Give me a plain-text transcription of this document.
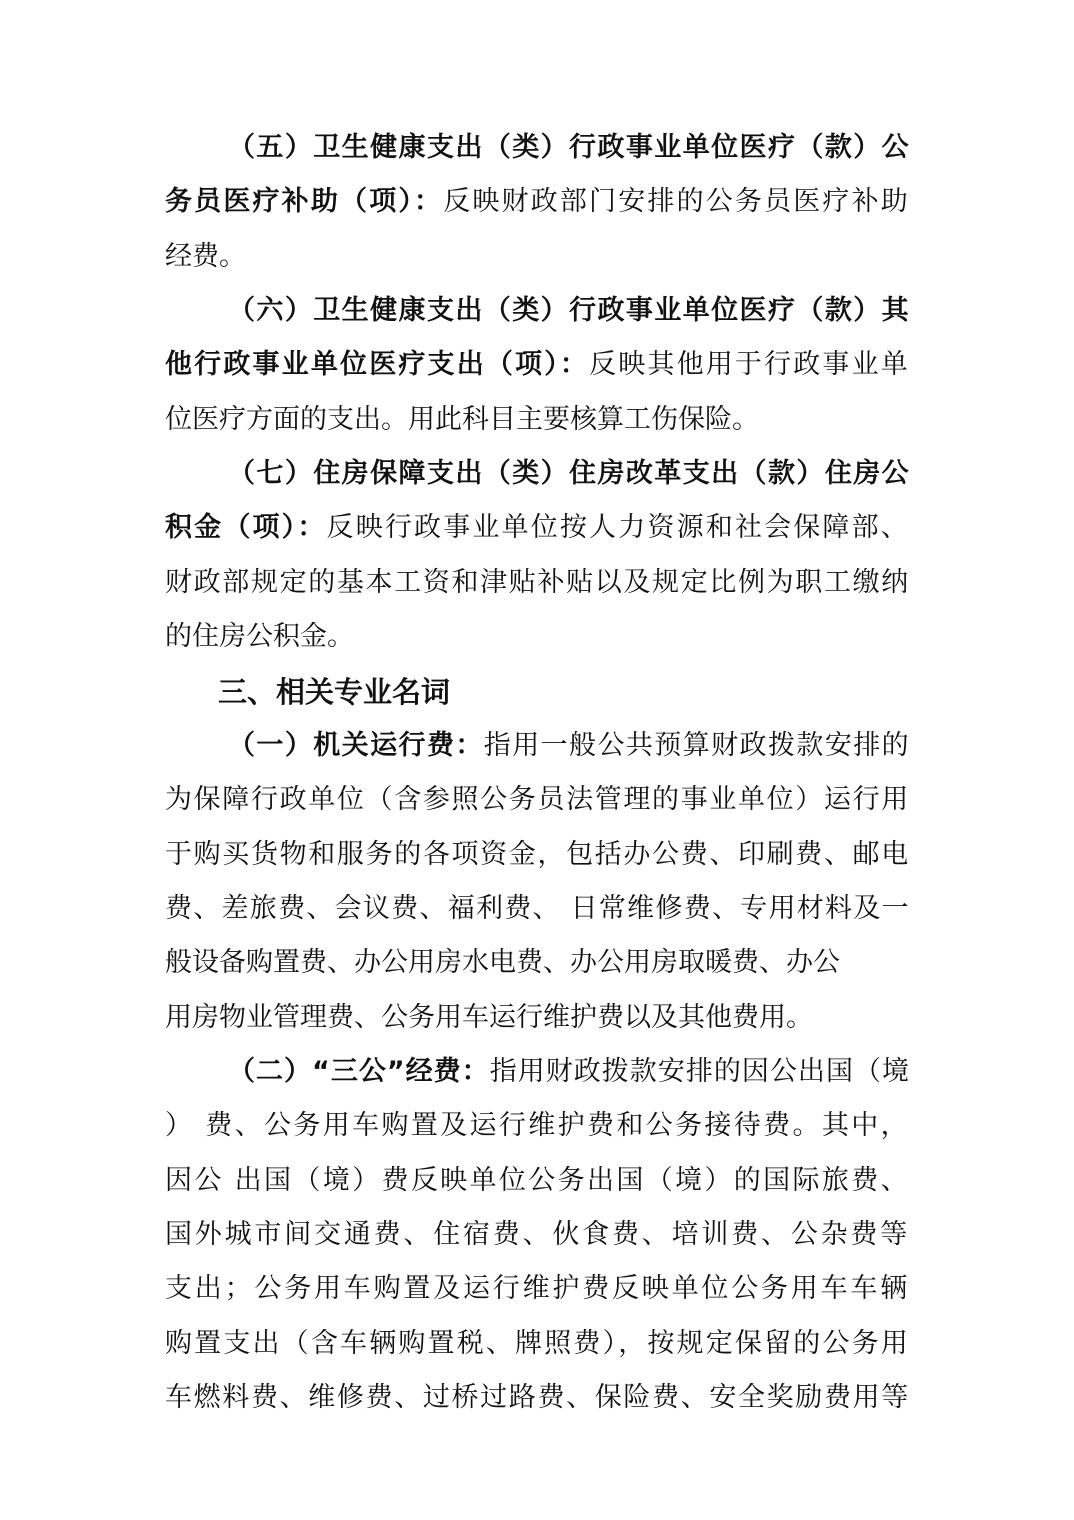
（五）卫生健康支出（类）行政事业单位医疗（款）公
务员医疗补助（项）：反映财政部门安排的公务员医疗补助
经费。
（六）卫生健康支出（类）行政事业单位医疗（款）其
他行政事业单位医疗支出（项）：反映其他用于行政事业单
位医疗方面的支出。用此科目主要核算工伤保险。
（七）住房保障支出（类）住房改革支出（款）住房公
积金（项）：反映行政事业单位按人力资源和社会保障部、
财政部规定的基本工资和津贴补贴以及规定比例为职工缴纳
的住房公积金。
三、相关专业名词
（一）机关运行费：指用一般公共预算财政拨款安排的
为保障行政单位（含参照公务员法管理的事业单位）运行用
于购买货物和服务的各项资金，包括办公费、印刷费、邮电
费、差旅费、会议费、福利费、 日常维修费、专用材料及一
般设备购置费、办公用房水电费、办公用房取暖费、办公
用房物业管理费、公务用车运行维护费以及其他费用。
（二）“三公”经费：指用财政拨款安排的因公出国（境
） 费、公务用车购置及运行维护费和公务接待费。其中，
因公 出国（境）费反映单位公务出国（境）的国际旅费、
国外城市间交通费、住宿费、伙食费、培训费、公杂费等
支出；公务用车购置及运行维护费反映单位公务用车车辆
购置支出（含车辆购置税、牌照费），按规定保留的公务用
车燃料费、维修费、过桥过路费、保险费、安全奖励费用等
